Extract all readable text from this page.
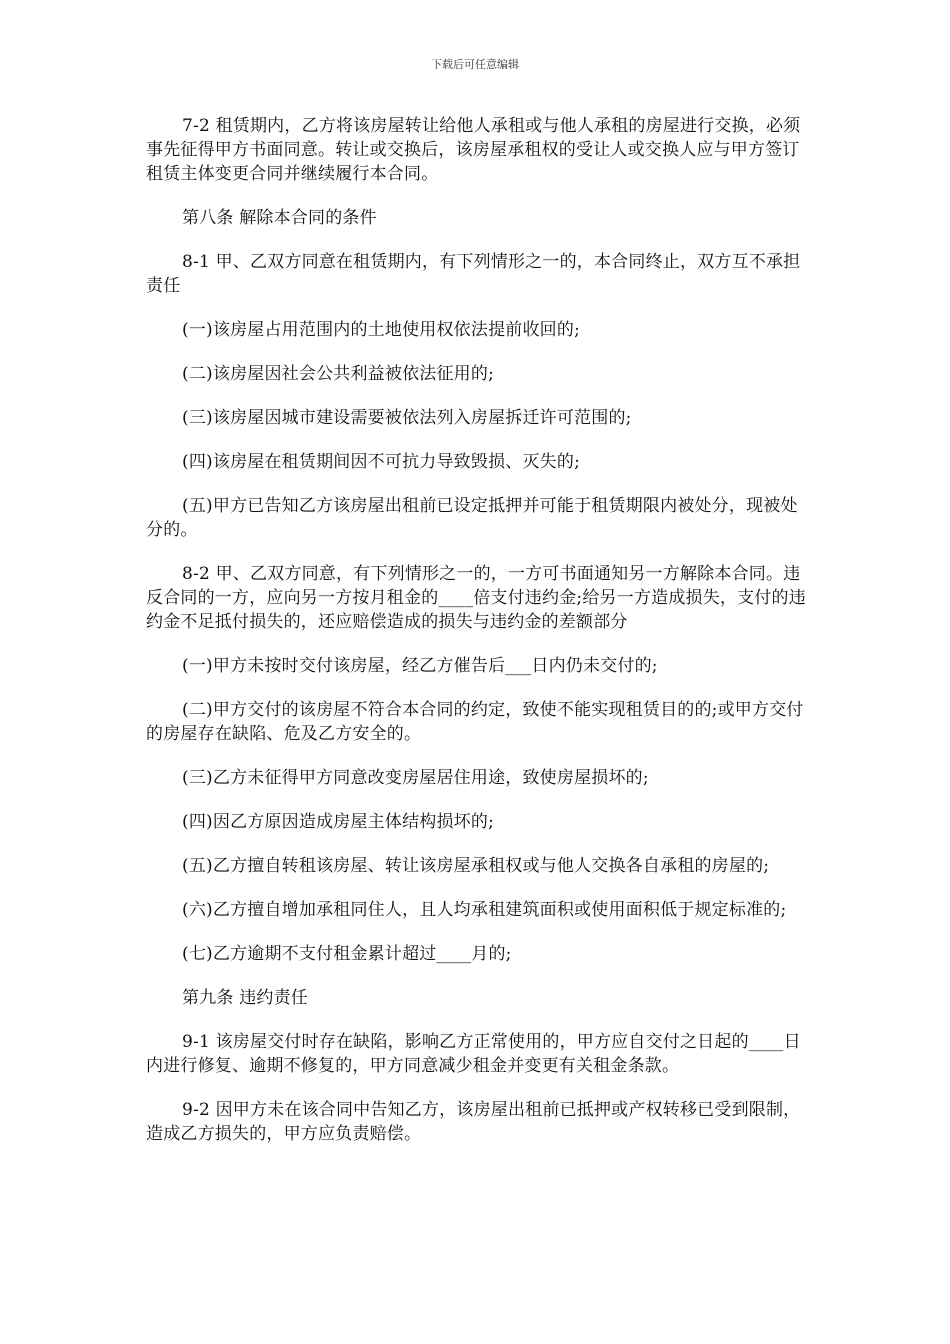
下载后可任意编辑

7-2 租赁期内，乙方将该房屋转让给他人承租或与他人承租的房屋进行交换，必须事先征得甲方书面同意。转让或交换后，该房屋承租权的受让人或交换人应与甲方签订租赁主体变更合同并继续履行本合同。

第八条 解除本合同的条件

8-1 甲、乙双方同意在租赁期内，有下列情形之一的，本合同终止，双方互不承担责任

(一)该房屋占用范围内的土地使用权依法提前收回的;

(二)该房屋因社会公共利益被依法征用的;

(三)该房屋因城市建设需要被依法列入房屋拆迁许可范围的;

(四)该房屋在租赁期间因不可抗力导致毁损、灭失的;

(五)甲方已告知乙方该房屋出租前已设定抵押并可能于租赁期限内被处分，现被处分的。

8-2 甲、乙双方同意，有下列情形之一的，一方可书面通知另一方解除本合同。违反合同的一方，应向另一方按月租金的____倍支付违约金;给另一方造成损失，支付的违约金不足抵付损失的，还应赔偿造成的损失与违约金的差额部分

(一)甲方未按时交付该房屋，经乙方催告后___日内仍未交付的;

(二)甲方交付的该房屋不符合本合同的约定，致使不能实现租赁目的的;或甲方交付的房屋存在缺陷、危及乙方安全的。

(三)乙方未征得甲方同意改变房屋居住用途，致使房屋损坏的;

(四)因乙方原因造成房屋主体结构损坏的;

(五)乙方擅自转租该房屋、转让该房屋承租权或与他人交换各自承租的房屋的;

(六)乙方擅自增加承租同住人，且人均承租建筑面积或使用面积低于规定标准的;

(七)乙方逾期不支付租金累计超过____月的;

第九条 违约责任

9-1 该房屋交付时存在缺陷，影响乙方正常使用的，甲方应自交付之日起的____日内进行修复、逾期不修复的，甲方同意减少租金并变更有关租金条款。

9-2 因甲方未在该合同中告知乙方，该房屋出租前已抵押或产权转移已受到限制，造成乙方损失的，甲方应负责赔偿。
